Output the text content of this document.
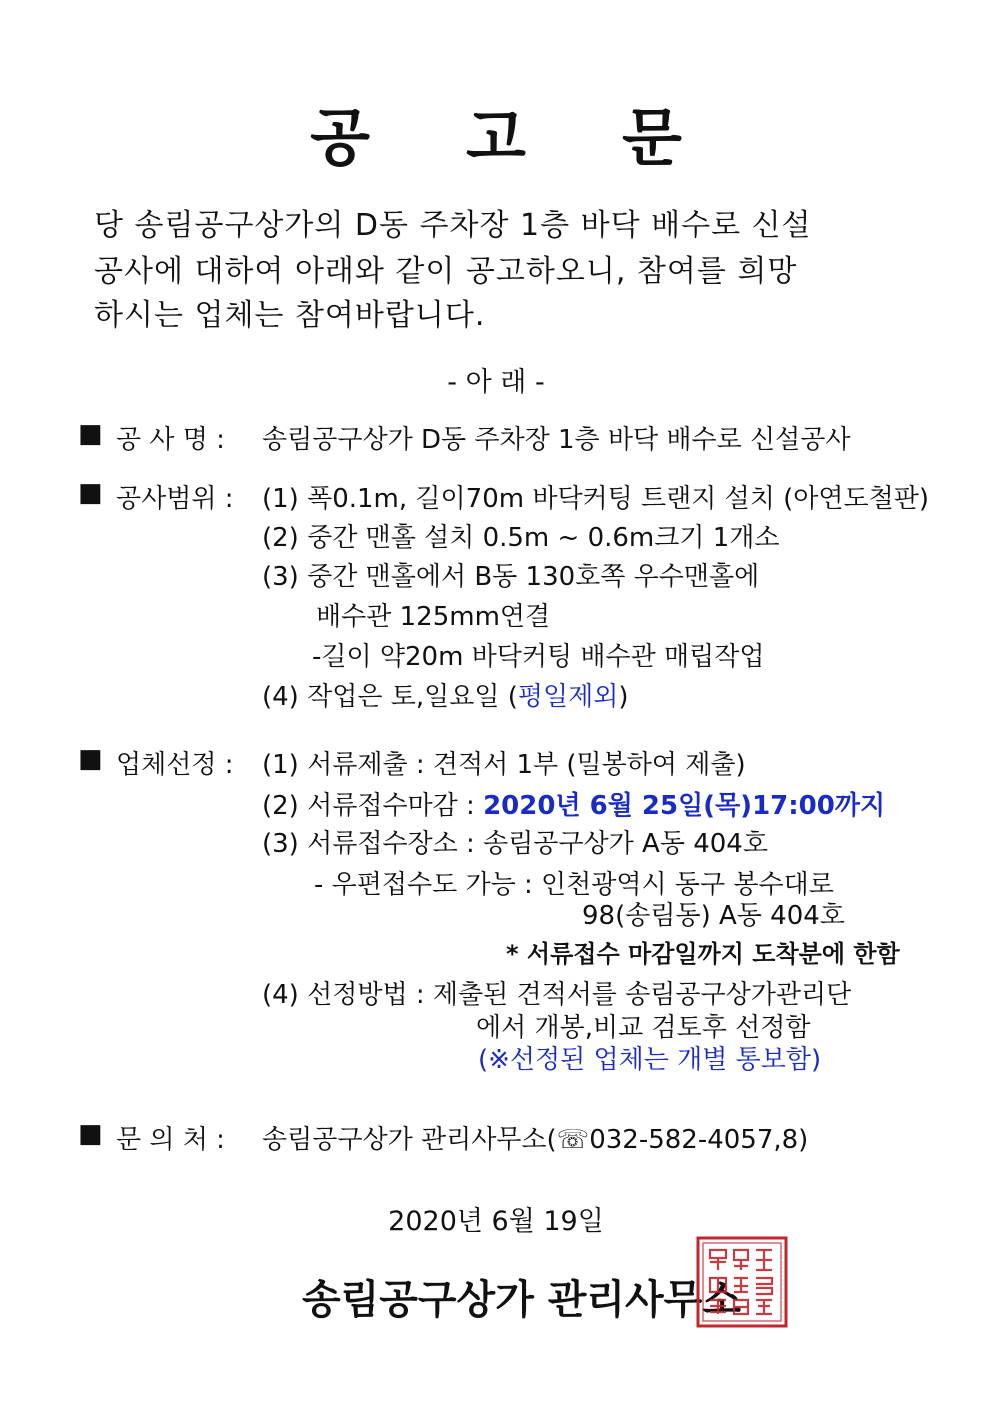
공 고 문
당 송림공구상가의 D동 주차장 1층 바닥 배수로 신설
공사에 대하여 아래와 같이 공고하오니, 참여를 희망
하시는 업체는 참여바랍니다.
- 아 래 -
■ 공 사 명 : 송림공구상가 D동 주차장 1층 바닥 배수로 신설공사
■ 공사범위 : (1) 폭0.1m, 길이70m 바닥커팅 트랜지 설치 (아연도철판)
(2) 중간 맨홀 설치 0.5m ~ 0.6m크기 1개소
(3) 중간 맨홀에서 B동 130호쪽 우수맨홀에
배수관 125mm연결
-길이 약20m 바닥커팅 배수관 매립작업
(4) 작업은 토,일요일 (평일제외)
■ 업체선정 : (1) 서류제출 : 견적서 1부 (밀봉하여 제출)
(2) 서류접수마감 : 2020년 6월 25일(목)17:00까지
(3) 서류접수장소 : 송림공구상가 A동 404호
- 우편접수도 가능 : 인천광역시 동구 봉수대로
98(송림동) A동 404호
* 서류접수 마감일까지 도착분에 한함
(4) 선정방법 : 제출된 견적서를 송림공구상가관리단
에서 개봉,비교 검토후 선정함
(※선정된 업체는 개별 통보함)
■ 문 의 처 : 송림공구상가 관리사무소(☏032-582-4057,8)
2020년 6월 19일
송림공구상가 관리사무소
